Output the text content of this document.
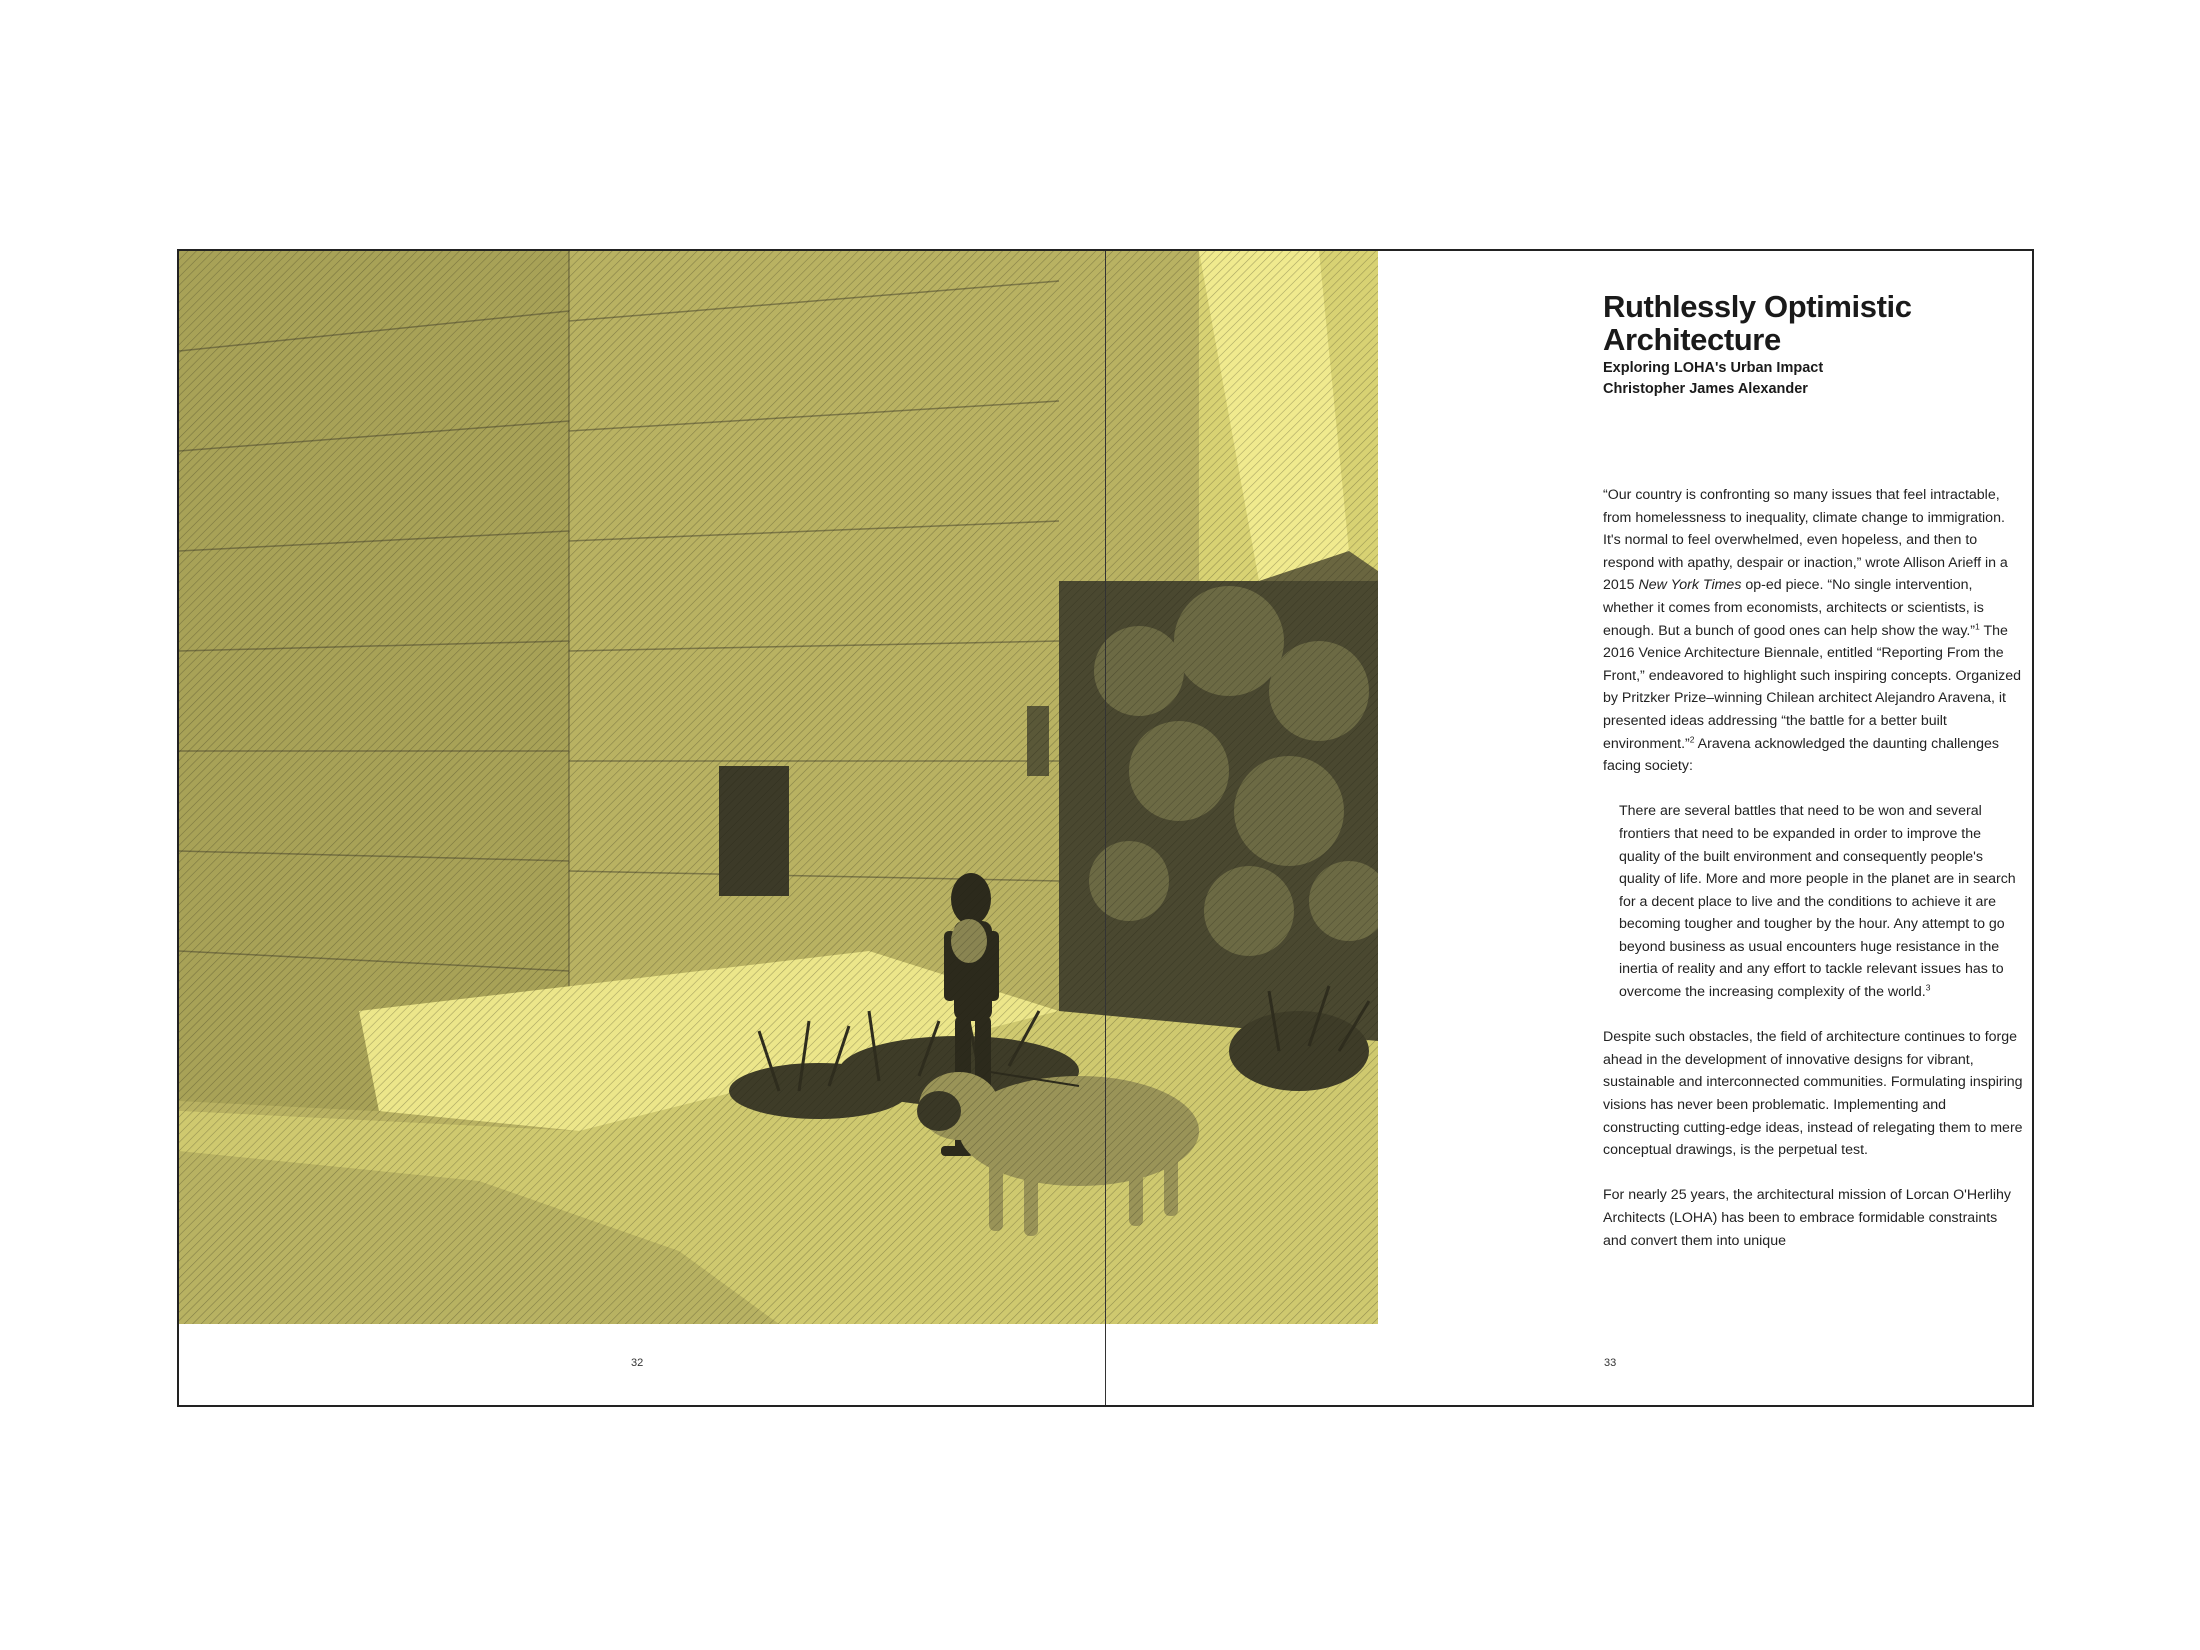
32	33
Ruthlessly Optimistic
Architecture

Exploring LOHA's Urban Impact

Christopher James Alexander

“Our country is confronting so many issues that feel intractable, from homelessness to inequality, climate change to immigration. It's normal to feel overwhelmed, even hopeless, and then to respond with apathy, despair or inaction,” wrote Allison Arieff in a 2015 New York Times op-ed piece. “No single intervention, whether it comes from economists, architects or scientists, is enough. But a bunch of good ones can help show the way.”$^1$ The 2016 Venice Architecture Biennale, entitled “Reporting From the Front,” endeavored to highlight such inspiring concepts. Organized by Pritzker Prize–winning Chilean architect Alejandro Aravena, it presented ideas addressing “the battle for a better built environment.”$^2$ Aravena acknowledged the daunting challenges facing society:

There are several battles that need to be won and several frontiers that need to be expanded in order to improve the quality of the built environment and consequently people's quality of life. More and more people in the planet are in search for a decent place to live and the conditions to achieve it are becoming tougher and tougher by the hour. Any attempt to go beyond business as usual encounters huge resistance in the inertia of reality and any effort to tackle relevant issues has to overcome the increasing complexity of the world.$^3$

Despite such obstacles, the field of architecture continues to forge ahead in the development of innovative designs for vibrant, sustainable and interconnected communities. Formulating inspiring visions has never been problematic. Implementing and constructing cutting-edge ideas, instead of relegating them to mere conceptual drawings, is the perpetual test.

For nearly 25 years, the architectural mission of Lorcan O'Herlihy Architects (LOHA) has been to embrace formidable constraints and convert them into unique
